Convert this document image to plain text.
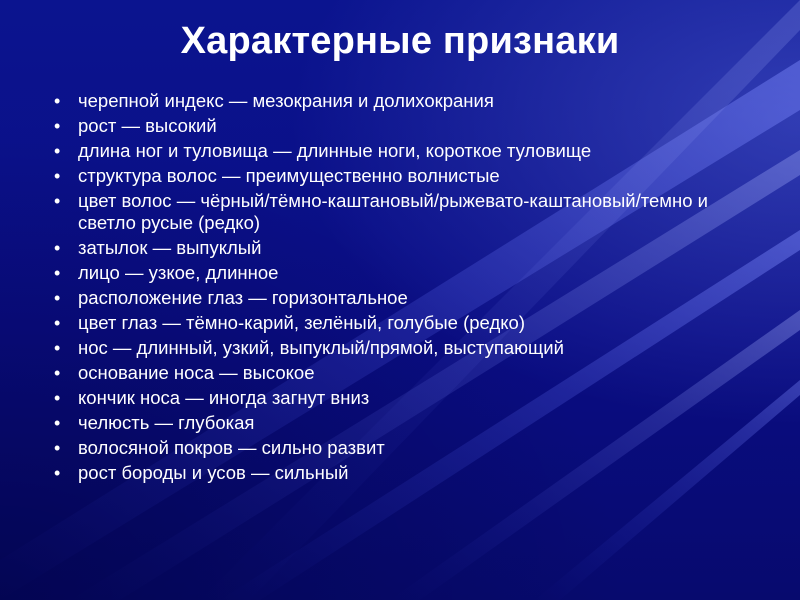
Характерные признаки
• черепной индекс — мезокрания и долихокрания
• рост — высокий
• длина ног и туловища — длинные ноги, короткое туловище
• структура волос — преимущественно волнистые
• цвет волос — чёрный/тёмно-каштановый/рыжевато-каштановый/темно и светло русые (редко)
• затылок — выпуклый
• лицо — узкое, длинное
• расположение глаз — горизонтальное
• цвет глаз — тёмно-карий, зелёный, голубые (редко)
• нос — длинный, узкий, выпуклый/прямой, выступающий
• основание носа — высокое
• кончик носа — иногда загнут вниз
• челюсть — глубокая
• волосяной покров — сильно развит
• рост бороды и усов — сильный
